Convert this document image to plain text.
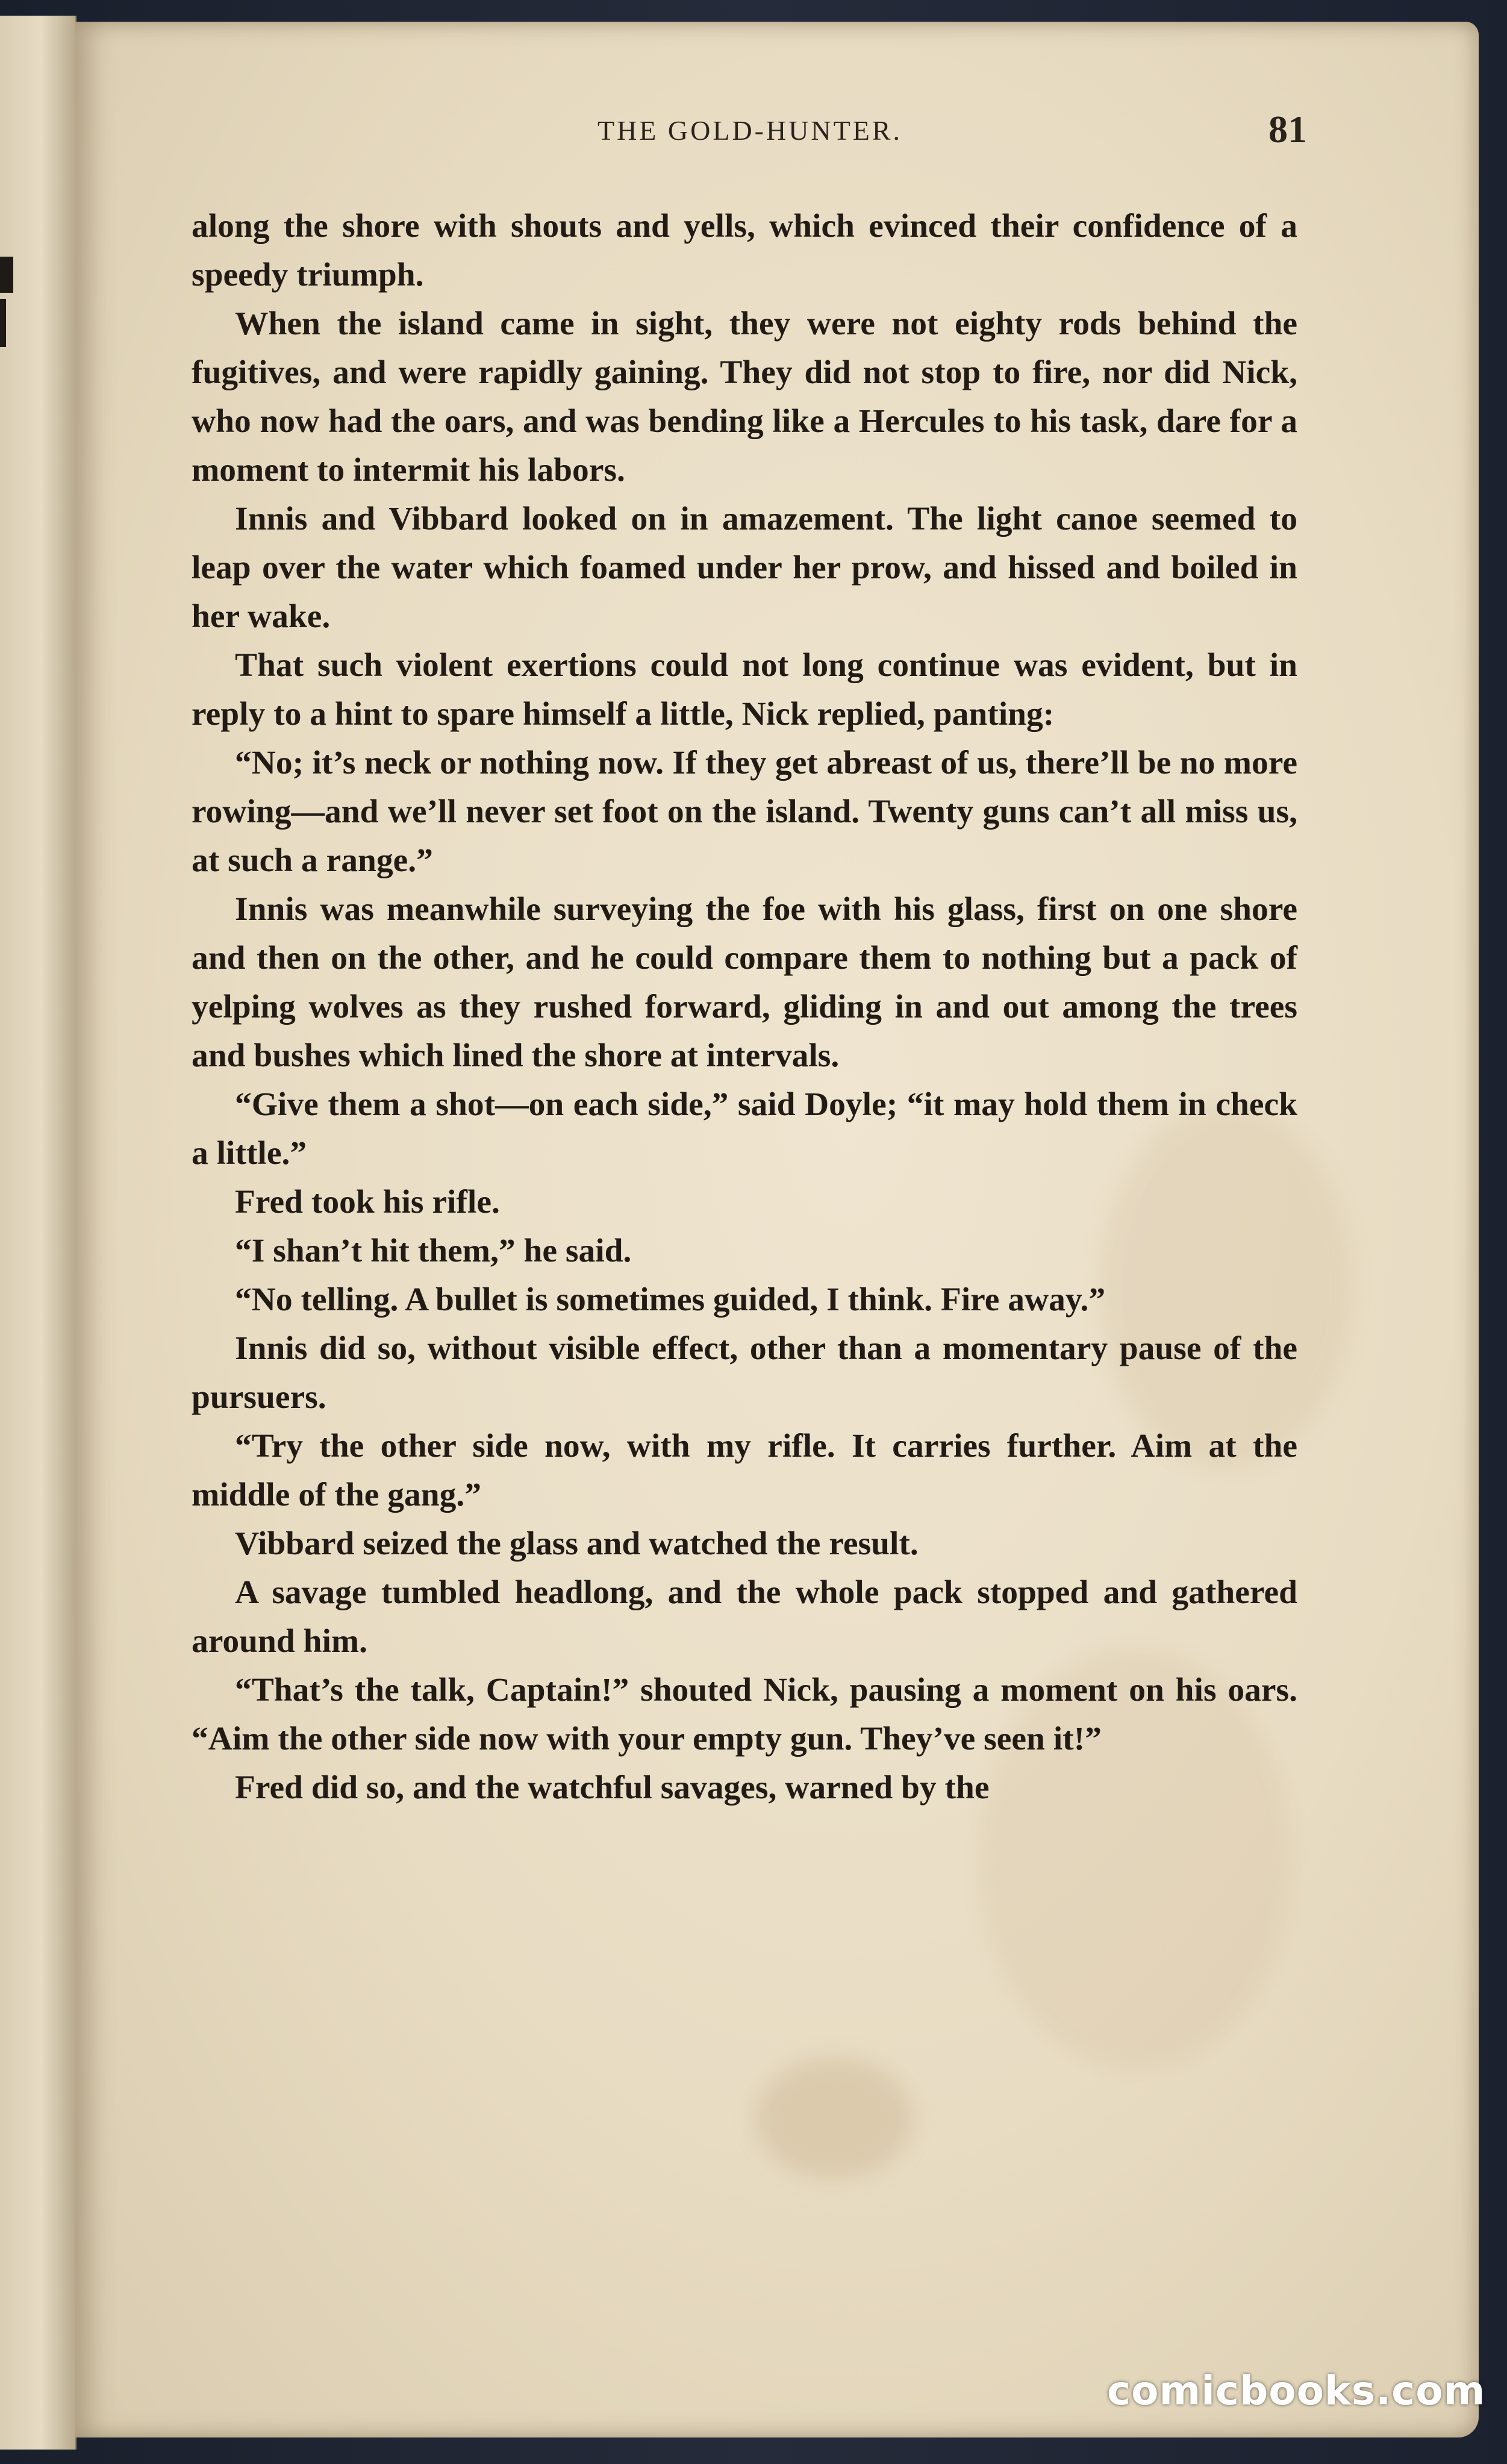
THE GOLD-HUNTER.	81

along the shore with shouts and yells, which evinced their confidence of a speedy triumph.

When the island came in sight, they were not eighty rods behind the fugitives, and were rapidly gaining. They did not stop to fire, nor did Nick, who now had the oars, and was bending like a Hercules to his task, dare for a moment to intermit his labors.

Innis and Vibbard looked on in amazement. The light canoe seemed to leap over the water which foamed under her prow, and hissed and boiled in her wake.

That such violent exertions could not long continue was evident, but in reply to a hint to spare himself a little, Nick replied, panting:

“No; it’s neck or nothing now. If they get abreast of us, there’ll be no more rowing—and we’ll never set foot on the island. Twenty guns can’t all miss us, at such a range.”

Innis was meanwhile surveying the foe with his glass, first on one shore and then on the other, and he could compare them to nothing but a pack of yelping wolves as they rushed forward, gliding in and out among the trees and bushes which lined the shore at intervals.

“Give them a shot—on each side,” said Doyle; “it may hold them in check a little.”

Fred took his rifle.

“I shan’t hit them,” he said.

“No telling. A bullet is sometimes guided, I think. Fire away.”

Innis did so, without visible effect, other than a momentary pause of the pursuers.

“Try the other side now, with my rifle. It carries further. Aim at the middle of the gang.”

Vibbard seized the glass and watched the result.

A savage tumbled headlong, and the whole pack stopped and gathered around him.

“That’s the talk, Captain!” shouted Nick, pausing a moment on his oars. “Aim the other side now with your empty gun. They’ve seen it!”

Fred did so, and the watchful savages, warned by the

comicbooks.com
